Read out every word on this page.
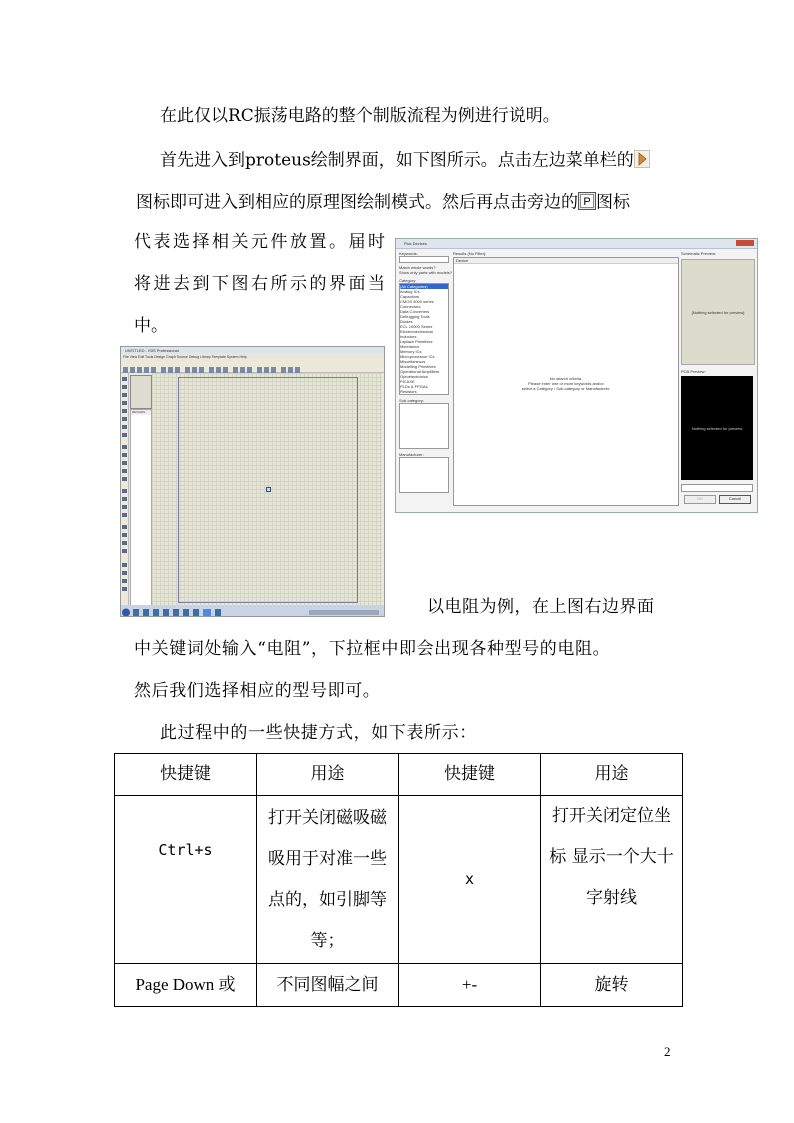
在此仅以RC振荡电路的整个制版流程为例进行说明。
首先进入到proteus绘制界面，如下图所示。点击左边菜单栏的
图标即可进入到相应的原理图绘制模式。然后再点击旁边的 P 图标
代表选择相关元件放置。届时
将进去到下图右所示的界面当
中。
Pick Devices
Keywords:
Match whole words?
Show only parts with models?
Category:
(All Categories)
Analog ICs
Capacitors
CMOS 4000 series
Connectors
Data Converters
Debugging Tools
Diodes
ECL 10000 Series
Electromechanical
Inductors
Laplace Primitives
Mechanics
Memory ICs
Microprocessor ICs
Miscellaneous
Modelling Primitives
Operational Amplifiers
Optoelectronics
PICAXE
PLDs & FPGAs
Resistors
Sub-category:
Manufacturer:
Results (No Filter):
Device
No search criteria.
Please enter one or more keywords and/or
select a Category / Sub-category or Manufacturer.
Schematic Preview:
[Nothing selected for preview]
PCB Preview:
Nothing selected for preview
OK	Cancel
UNTITLED - ISIS Professional
File View Edit Tools Design Graph Source Debug Library Template System Help
DEVICES
以电阻为例，在上图右边界面
中关键词处输入“电阻”，下拉框中即会出现各种型号的电阻。
然后我们选择相应的型号即可。
此过程中的一些快捷方式，如下表所示：
快捷键	用途	快捷键	用途
Ctrl+s	打开关闭磁吸磁吸用于对准一些点的，如引脚等等；	x	打开关闭定位坐标 显示一个大十字射线

Page Down 或	不同图幅之间	+-	旋转
2
